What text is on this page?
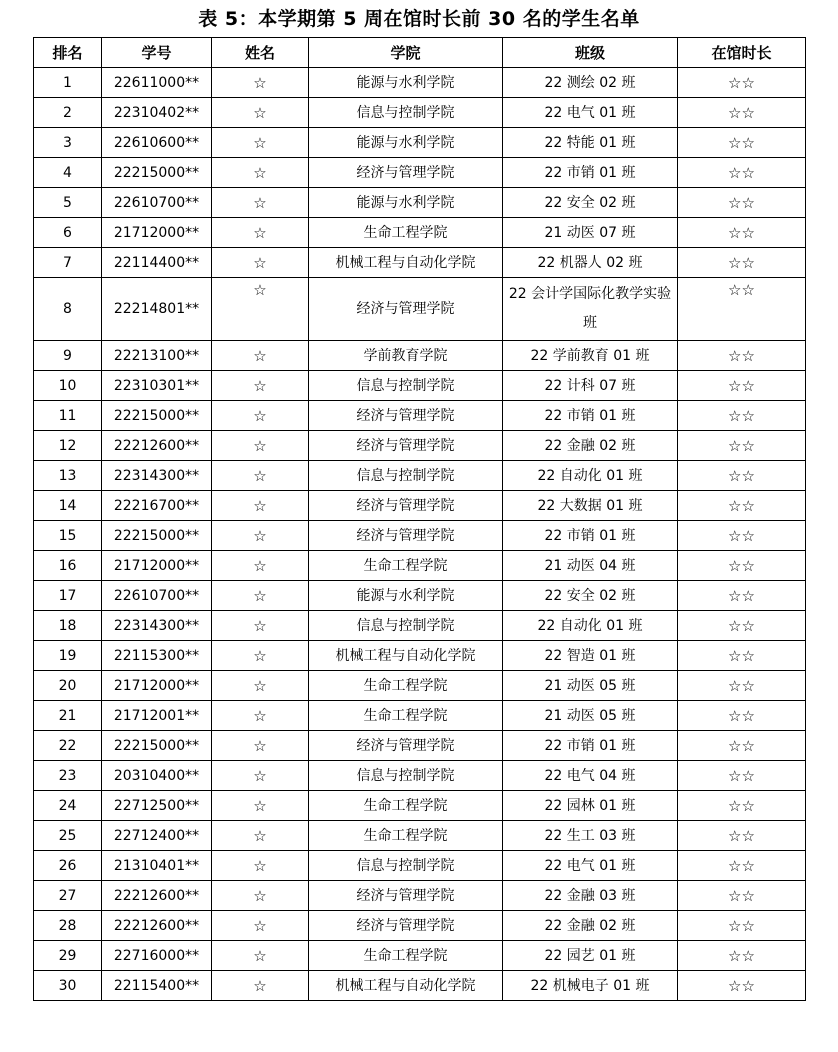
表 5：本学期第 5 周在馆时长前 30 名的学生名单
排名	学号	姓名	学院	班级	在馆时长
1	22611000**	☆	能源与水利学院	22 测绘 02 班	☆☆
2	22310402**	☆	信息与控制学院	22 电气 01 班	☆☆
3	22610600**	☆	能源与水利学院	22 特能 01 班	☆☆
4	22215000**	☆	经济与管理学院	22 市销 01 班	☆☆
5	22610700**	☆	能源与水利学院	22 安全 02 班	☆☆
6	21712000**	☆	生命工程学院	21 动医 07 班	☆☆
7	22114400**	☆	机械工程与自动化学院	22 机器人 02 班	☆☆
8	22214801**	☆	经济与管理学院	22 会计学国际化教学实验班	☆☆
9	22213100**	☆	学前教育学院	22 学前教育 01 班	☆☆
10	22310301**	☆	信息与控制学院	22 计科 07 班	☆☆
11	22215000**	☆	经济与管理学院	22 市销 01 班	☆☆
12	22212600**	☆	经济与管理学院	22 金融 02 班	☆☆
13	22314300**	☆	信息与控制学院	22 自动化 01 班	☆☆
14	22216700**	☆	经济与管理学院	22 大数据 01 班	☆☆
15	22215000**	☆	经济与管理学院	22 市销 01 班	☆☆
16	21712000**	☆	生命工程学院	21 动医 04 班	☆☆
17	22610700**	☆	能源与水利学院	22 安全 02 班	☆☆
18	22314300**	☆	信息与控制学院	22 自动化 01 班	☆☆
19	22115300**	☆	机械工程与自动化学院	22 智造 01 班	☆☆
20	21712000**	☆	生命工程学院	21 动医 05 班	☆☆
21	21712001**	☆	生命工程学院	21 动医 05 班	☆☆
22	22215000**	☆	经济与管理学院	22 市销 01 班	☆☆
23	20310400**	☆	信息与控制学院	22 电气 04 班	☆☆
24	22712500**	☆	生命工程学院	22 园林 01 班	☆☆
25	22712400**	☆	生命工程学院	22 生工 03 班	☆☆
26	21310401**	☆	信息与控制学院	22 电气 01 班	☆☆
27	22212600**	☆	经济与管理学院	22 金融 03 班	☆☆
28	22212600**	☆	经济与管理学院	22 金融 02 班	☆☆
29	22716000**	☆	生命工程学院	22 园艺 01 班	☆☆
30	22115400**	☆	机械工程与自动化学院	22 机械电子 01 班	☆☆
